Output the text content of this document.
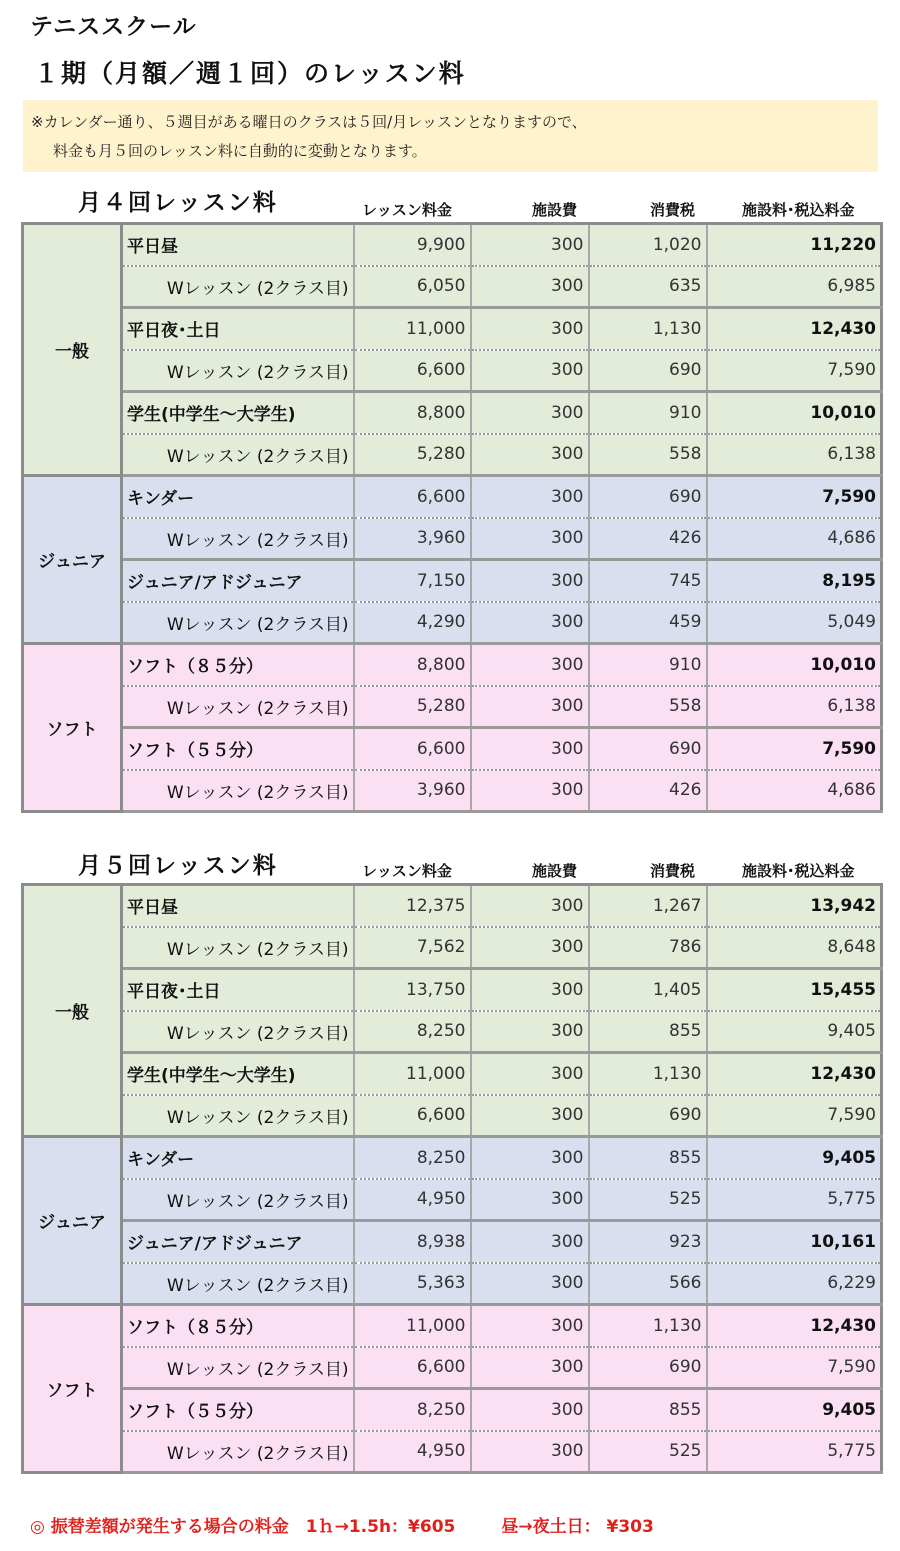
テニススクール
１期（月額／週１回）のレッスン料
※カレンダー通り、５週目がある曜日のクラスは５回/月レッスンとなりますので、
料金も月５回のレッスン料に自動的に変動となります。
月４回レッスン料	レッスン料金	施設費	消費税	施設料･税込料金
一般	平日昼	9,900	300	1,020	11,220
	Wレッスン (2クラス目)	6,050	300	635	6,985
	平日夜･土日	11,000	300	1,130	12,430
	Wレッスン (2クラス目)	6,600	300	690	7,590
	学生(中学生～大学生)	8,800	300	910	10,010
	Wレッスン (2クラス目)	5,280	300	558	6,138
ジュニア	キンダー	6,600	300	690	7,590
	Wレッスン (2クラス目)	3,960	300	426	4,686
	ジュニア/アドジュニア	7,150	300	745	8,195
	Wレッスン (2クラス目)	4,290	300	459	5,049
ソフト	ソフト（８５分）	8,800	300	910	10,010
	Wレッスン (2クラス目)	5,280	300	558	6,138
	ソフト（５５分）	6,600	300	690	7,590
	Wレッスン (2クラス目)	3,960	300	426	4,686
月５回レッスン料	レッスン料金	施設費	消費税	施設料･税込料金
一般	平日昼	12,375	300	1,267	13,942
	Wレッスン (2クラス目)	7,562	300	786	8,648
	平日夜･土日	13,750	300	1,405	15,455
	Wレッスン (2クラス目)	8,250	300	855	9,405
	学生(中学生～大学生)	11,000	300	1,130	12,430
	Wレッスン (2クラス目)	6,600	300	690	7,590
ジュニア	キンダー	8,250	300	855	9,405
	Wレッスン (2クラス目)	4,950	300	525	5,775
	ジュニア/アドジュニア	8,938	300	923	10,161
	Wレッスン (2クラス目)	5,363	300	566	6,229
ソフト	ソフト（８５分）	11,000	300	1,130	12,430
	Wレッスン (2クラス目)	6,600	300	690	7,590
	ソフト（５５分）	8,250	300	855	9,405
	Wレッスン (2クラス目)	4,950	300	525	5,775
◎ 振替差額が発生する場合の料金　1ｈ→1.5h：¥605	昼→夜土日： ¥303
